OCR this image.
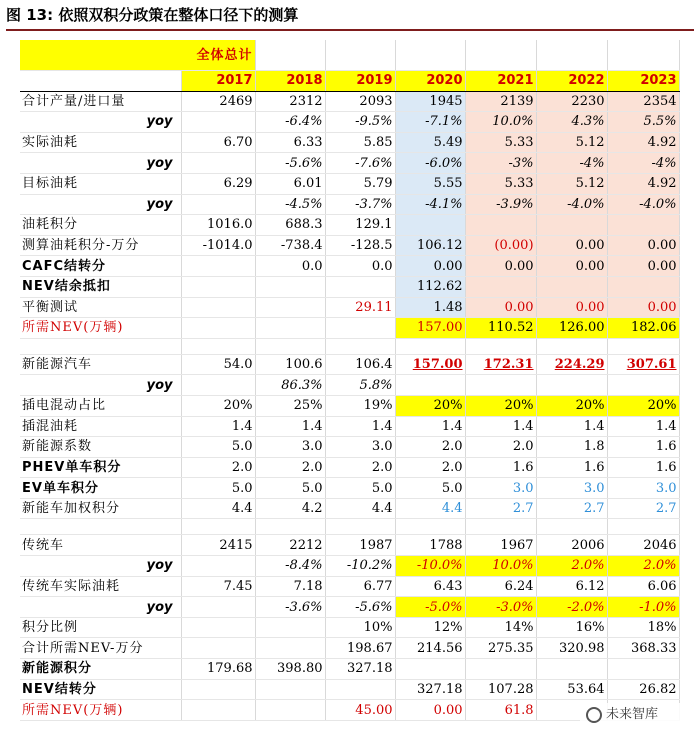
图 13: 依照双积分政策在整体口径下的测算
全体总计							
	2017	2018	2019	2020	2021	2022	2023
合计产量/进口量	2469	2312	2093	1945	2139	2230	2354
yoy		-6.4%	-9.5%	-7.1%	10.0%	4.3%	5.5%
实际油耗	6.70	6.33	5.85	5.49	5.33	5.12	4.92
yoy		-5.6%	-7.6%	-6.0%	-3%	-4%	-4%
目标油耗	6.29	6.01	5.79	5.55	5.33	5.12	4.92
yoy		-4.5%	-3.7%	-4.1%	-3.9%	-4.0%	-4.0%
油耗积分	1016.0	688.3	129.1				
测算油耗积分-万分	-1014.0	-738.4	-128.5	106.12	(0.00)	0.00	0.00
CAFC结转分		0.0	0.0	0.00	0.00	0.00	0.00
NEV结余抵扣				112.62			
平衡测试			29.11	1.48	0.00	0.00	0.00
所需NEV(万辆)				157.00	110.52	126.00	182.06

新能源汽车	54.0	100.6	106.4	157.00	172.31	224.29	307.61
yoy		86.3%	5.8%				
插电混动占比	20%	25%	19%	20%	20%	20%	20%
插混油耗	1.4	1.4	1.4	1.4	1.4	1.4	1.4
新能源系数	5.0	3.0	3.0	2.0	2.0	1.8	1.6
PHEV单车积分	2.0	2.0	2.0	2.0	1.6	1.6	1.6
EV单车积分	5.0	5.0	5.0	5.0	3.0	3.0	3.0
新能车加权积分	4.4	4.2	4.4	4.4	2.7	2.7	2.7

传统车	2415	2212	1987	1788	1967	2006	2046
yoy		-8.4%	-10.2%	-10.0%	10.0%	2.0%	2.0%
传统车实际油耗	7.45	7.18	6.77	6.43	6.24	6.12	6.06
yoy		-3.6%	-5.6%	-5.0%	-3.0%	-2.0%	-1.0%
积分比例			10%	12%	14%	16%	18%
合计所需NEV-万分			198.67	214.56	275.35	320.98	368.33
新能源积分	179.68	398.80	327.18				
NEV结转分				327.18	107.28	53.64	26.82
所需NEV(万辆)			45.00	0.00	61.8			未来智库
